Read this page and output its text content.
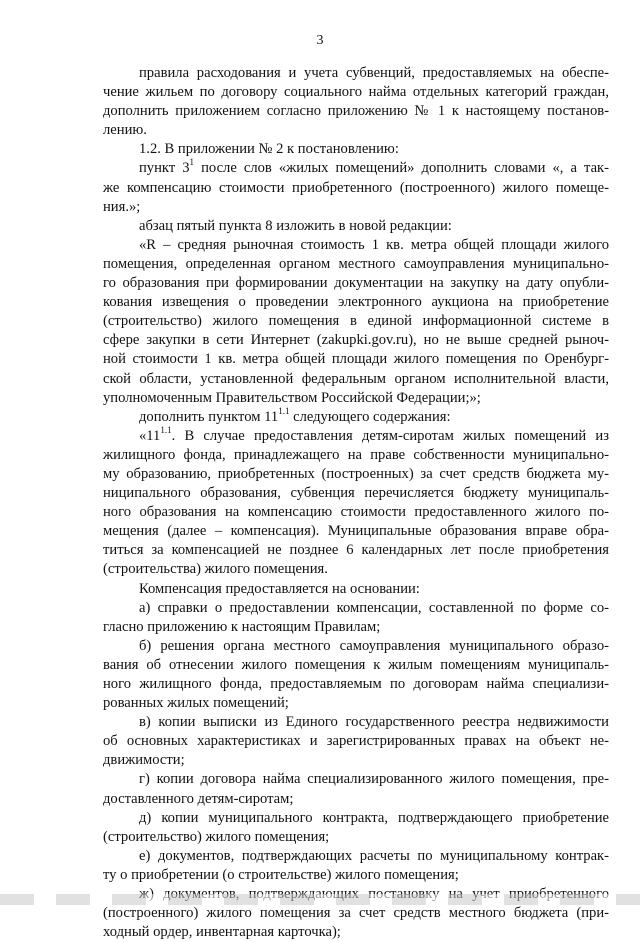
3
правила расходования и учета субвенций, предоставляемых на обеспе-
чение жильем по договору социального найма отдельных категорий граждан,
дополнить приложением согласно приложению № 1 к настоящему постанов-
лению.
1.2. В приложении № 2 к постановлению:
пункт $3^1$ после слов «жилых помещений» дополнить словами «, а так-
же компенсацию стоимости приобретенного (построенного) жилого помеще-
ния.»;
абзац пятый пункта 8 изложить в новой редакции:
«R – средняя рыночная стоимость 1 кв. метра общей площади жилого
помещения, определенная органом местного самоуправления муниципально-
го образования при формировании документации на закупку на дату опубли-
кования извещения о проведении электронного аукциона на приобретение
(строительство) жилого помещения в единой информационной системе в
сфере закупки в сети Интернет (zakupki.gov.ru), но не выше средней рыноч-
ной стоимости 1 кв. метра общей площади жилого помещения по Оренбург-
ской области, установленной федеральным органом исполнительной власти,
уполномоченным Правительством Российской Федерации;»;
дополнить пунктом $11^{1.1}$ следующего содержания:
«$11^{1.1}$. В случае предоставления детям-сиротам жилых помещений из
жилищного фонда, принадлежащего на праве собственности муниципально-
му образованию, приобретенных (построенных) за счет средств бюджета му-
ниципального образования, субвенция перечисляется бюджету муниципаль-
ного образования на компенсацию стоимости предоставленного жилого по-
мещения (далее – компенсация). Муниципальные образования вправе обра-
титься за компенсацией не позднее 6 календарных лет после приобретения
(строительства) жилого помещения.
Компенсация предоставляется на основании:
а) справки о предоставлении компенсации, составленной по форме со-
гласно приложению к настоящим Правилам;
б) решения органа местного самоуправления муниципального образо-
вания об отнесении жилого помещения к жилым помещениям муниципаль-
ного жилищного фонда, предоставляемым по договорам найма специализи-
рованных жилых помещений;
в) копии выписки из Единого государственного реестра недвижимости
об основных характеристиках и зарегистрированных правах на объект не-
движимости;
г) копии договора найма специализированного жилого помещения, пре-
доставленного детям-сиротам;
д) копии муниципального контракта, подтверждающего приобретение
(строительство) жилого помещения;
е) документов, подтверждающих расчеты по муниципальному контрак-
ту о приобретении (о строительстве) жилого помещения;
(построенного) жилого помещения за счет средств местного бюджета (при-
ходный ордер, инвентарная карточка);
